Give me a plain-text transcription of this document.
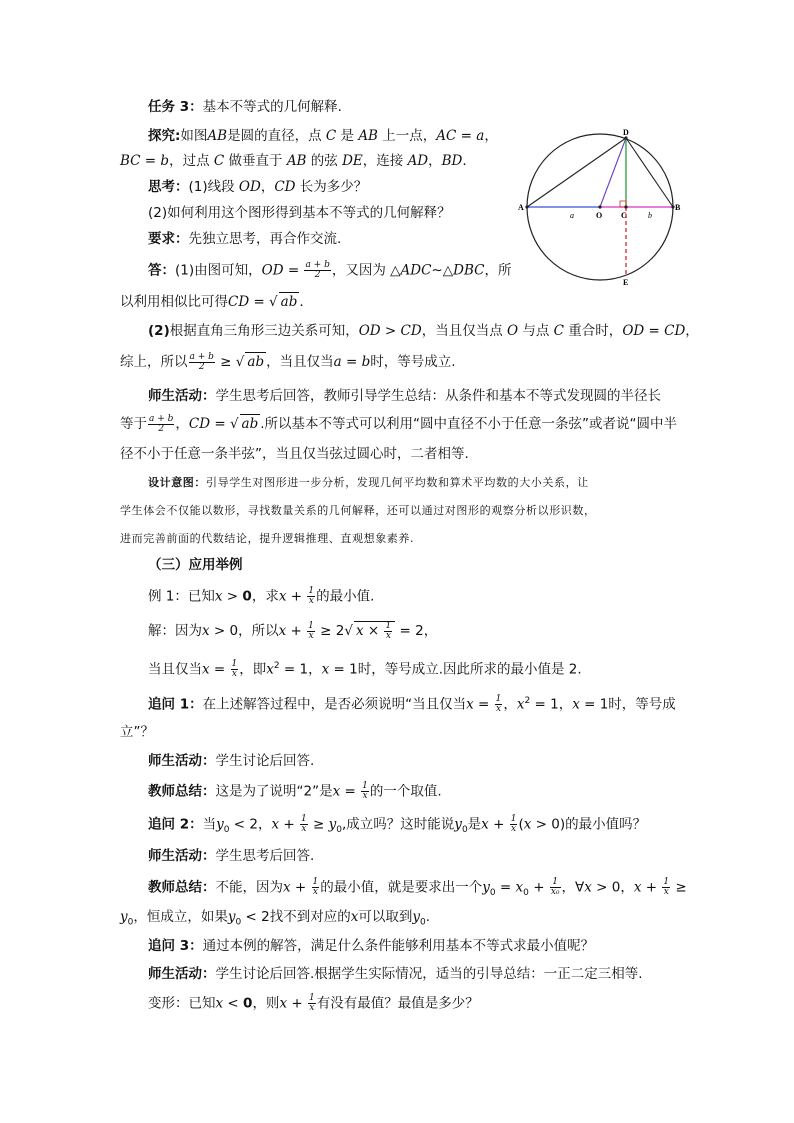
任务 3：基本不等式的几何解释.
探究:如图AB是圆的直径，点 C 是 AB 上一点，AC = a，
BC = b，过点 C 做垂直于 AB 的弦 DE，连接 AD，BD.
思考：(1)线段 OD，CD 长为多少？
(2)如何利用这个图形得到基本不等式的几何解释？
要求：先独立思考，再合作交流.
答：(1)由图可知，OD = $\frac{a + b}{2}$ ，又因为 △ADC∼△DBC，所
以利用相似比可得CD = √ ab .
(2)根据直角三角形三边关系可知，OD > CD，当且仅当点 O 与点 C 重合时，OD = CD，
综上，所以 $\frac{a + b}{2}$ ≥ √ ab ，当且仅当a = b时，等号成立.
师生活动：学生思考后回答，教师引导学生总结：从条件和基本不等式发现圆的半径长
等于 $\frac{a + b}{2}$ ，CD = √ ab .所以基本不等式可以利用“圆中直径不小于任意一条弦”或者说“圆中半
径不小于任意一条半弦”，当且仅当弦过圆心时，二者相等.
设计意图：引导学生对图形进一步分析，发现几何平均数和算术平均数的大小关系，让
学生体会不仅能以数形，寻找数量关系的几何解释，还可以通过对图形的观察分析以形识数，
进而完善前面的代数结论，提升逻辑推理、直观想象素养.
（三）应用举例
例 1：已知x > 0，求$x + \frac{1}{x}$ 的最小值.
解：因为x > 0，所以$x + \frac{1}{x} \ge 2√$ $x \times \frac{1}{x} = 2$，
当且仅当$x = \frac{1}{x}$ ，即$x^2 = 1$，x = 1时，等号成立.因此所求的最小值是 2.
追问 1：在上述解答过程中，是否必须说明“当且仅当$x = \frac{1}{x}$ ，$x^2 = 1$，x = 1时，等号成
立”？
师生活动：学生讨论后回答.
教师总结：这是为了说明“2”是$x = \frac{1}{x}$ 的一个取值.
追问 2：当$y_0 < 2$，$x + \frac{1}{x} \ge y_0$,成立吗？这时能说$y_0$是$x + \frac{1}{x} (x > 0)$的最小值吗？
师生活动：学生思考后回答.
教师总结：不能，因为$x + \frac{1}{x}$ 的最小值，就是要求出一个$y_0 = x_0 + \frac{1}{\text{x₀}}$ ，∀x > 0，$x + \frac{1}{x}$ ≥
$y_0$，恒成立，如果$y_0 < 2$找不到对应的x可以取到$y_0$.
追问 3：通过本例的解答，满足什么条件能够利用基本不等式求最小值呢？
师生活动：学生讨论后回答.根据学生实际情况，适当的引导总结：一正二定三相等.
变形：已知x < 0，则$x + \frac{1}{x}$ 有没有最值？最值是多少？
A	B
D
O C
E
a	b
